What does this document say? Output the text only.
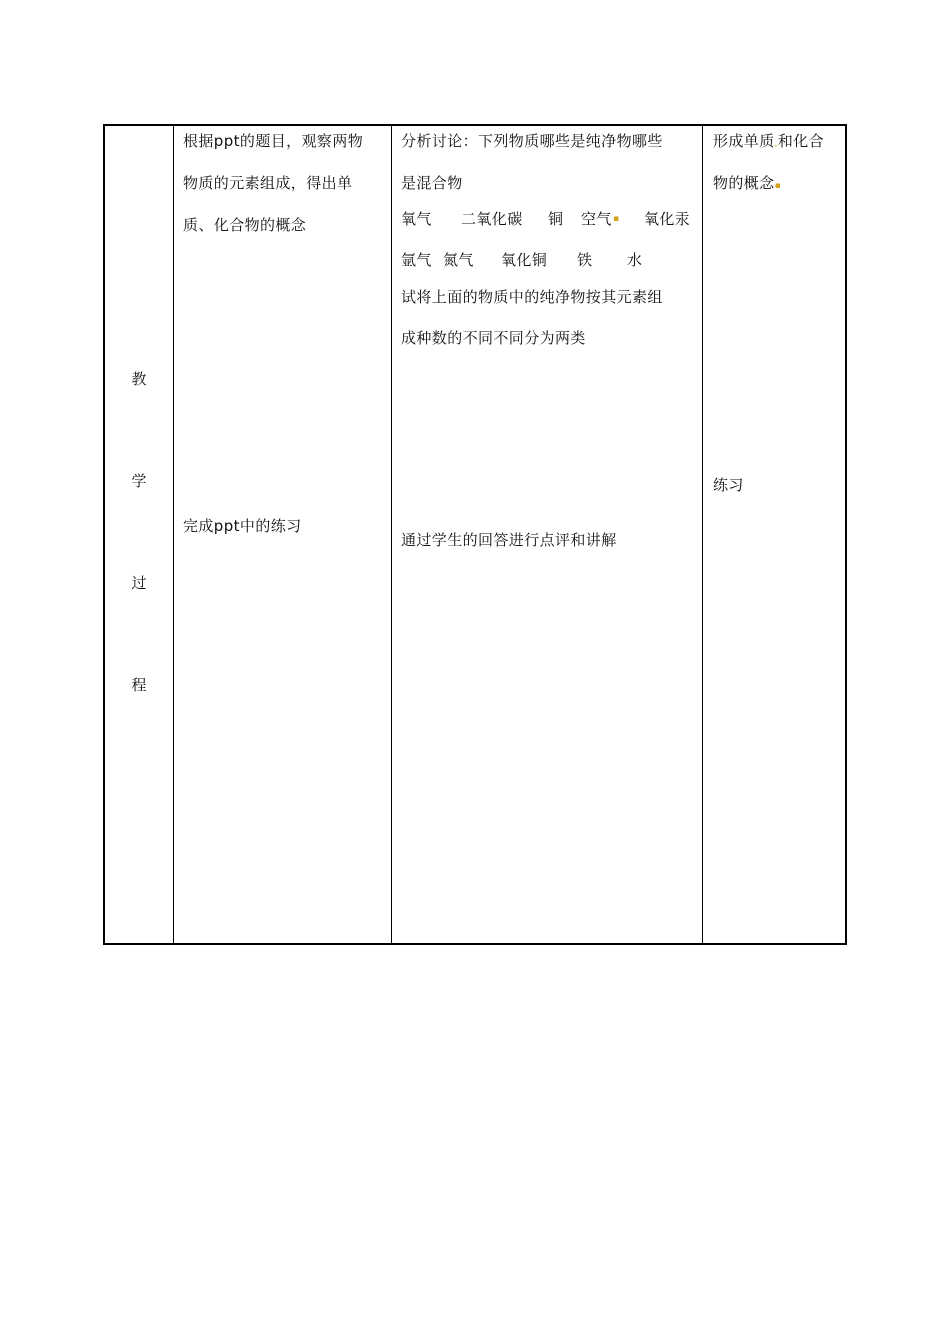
教
学
过
程
根据ppt的题目，观察两物
物质的元素组成，得出单
质、化合物的概念
完成ppt中的练习
分析讨论：下列物质哪些是纯净物哪些
是混合物
氧气 二氧化碳 铜 空气 ▪ 氧化汞
氩气 氮气 氧化铜 铁 水
试将上面的物质中的纯净物按其元素组
成种数的不同不同分为两类
通过学生的回答进行点评和讲解
形成单质,和化合
物的概念▪
练习
